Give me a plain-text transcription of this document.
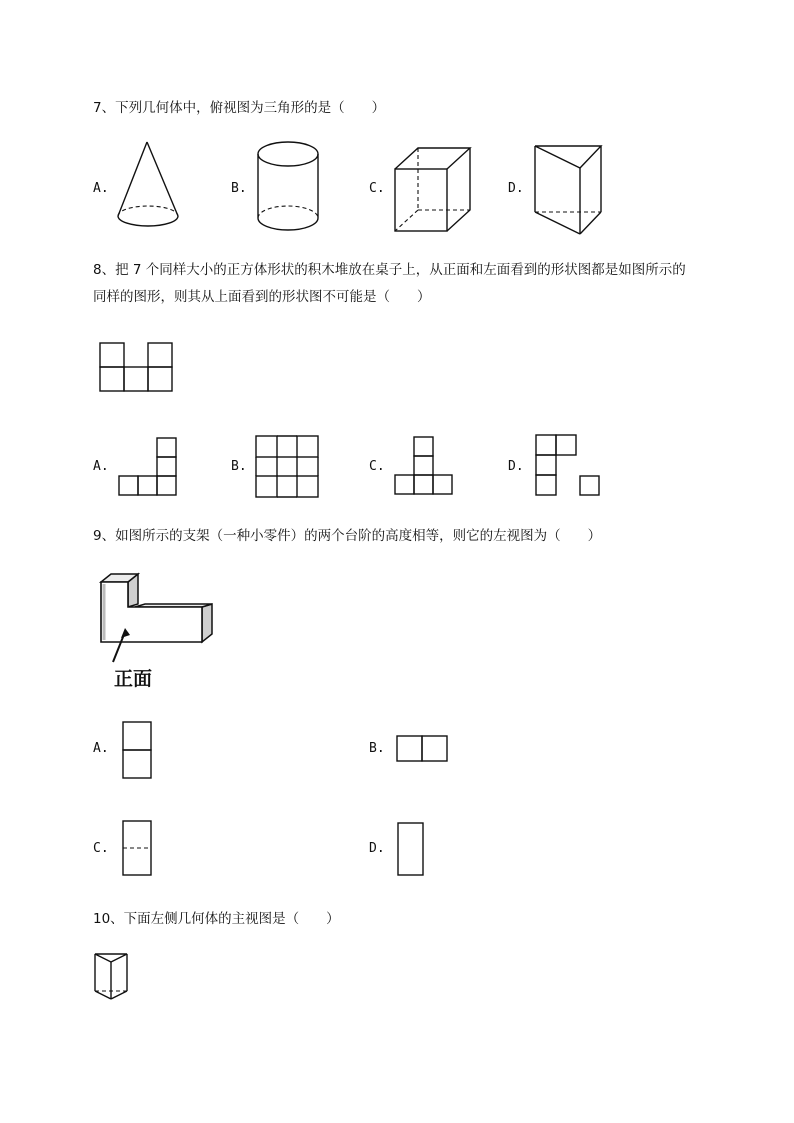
7、下列几何体中，俯视图为三角形的是（　　）
A.	B.	C.	D.
8、把 7 个同样大小的正方体形状的积木堆放在桌子上，从正面和左面看到的形状图都是如图所示的
同样的图形，则其从上面看到的形状图不可能是（　　）
A.	B.	C.	D.
9、如图所示的支架（一种小零件）的两个台阶的高度相等，则它的左视图为（　　）
正面
A.	B.
C.	D.
10、下面左侧几何体的主视图是（　　）
